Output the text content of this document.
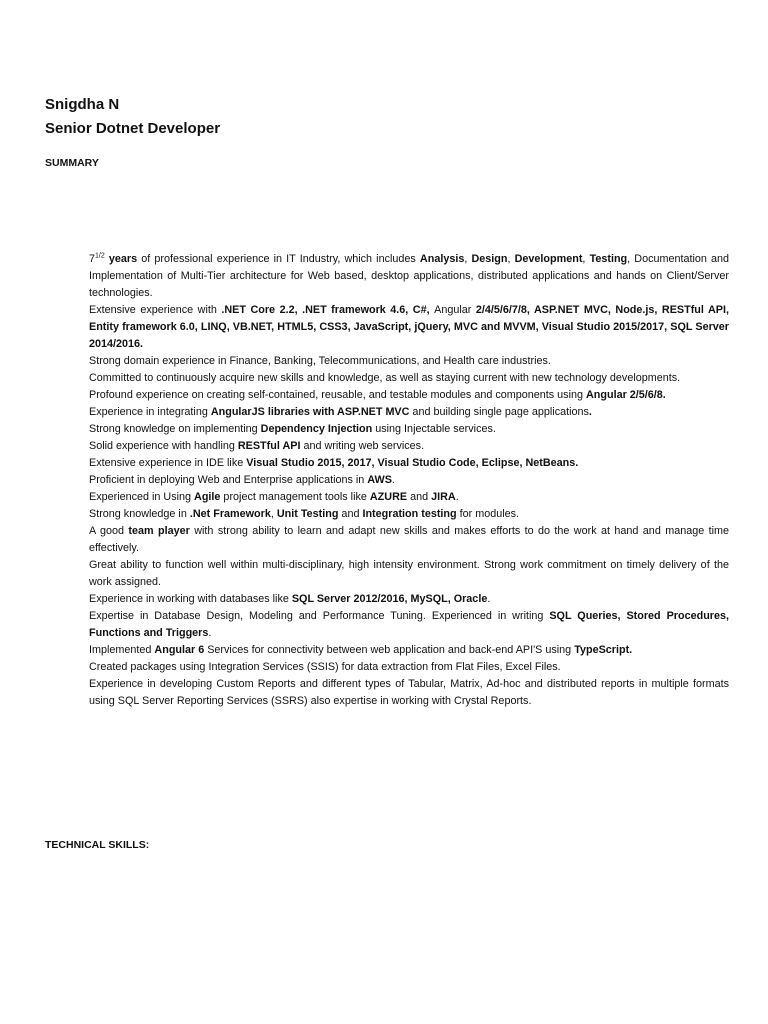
Snigdha N
Senior Dotnet Developer
SUMMARY
$7^{1/2}$ years of professional experience in IT Industry, which includes Analysis, Design, Development, Testing, Documentation and Implementation of Multi-Tier architecture for Web based, desktop applications, distributed applications and hands on Client/Server technologies.
Extensive experience with .NET Core 2.2, .NET framework 4.6, C#, Angular 2/4/5/6/7/8, ASP.NET MVC, Node.js, RESTful API, Entity framework 6.0, LINQ, VB.NET, HTML5, CSS3, JavaScript, jQuery, MVC and MVVM, Visual Studio 2015/2017, SQL Server 2014/2016.
Strong domain experience in Finance, Banking, Telecommunications, and Health care industries.
Committed to continuously acquire new skills and knowledge, as well as staying current with new technology developments.
Profound experience on creating self-contained, reusable, and testable modules and components using Angular 2/5/6/8.
Experience in integrating AngularJS libraries with ASP.NET MVC and building single page applications.
Strong knowledge on implementing Dependency Injection using Injectable services.
Solid experience with handling RESTful API and writing web services.
Extensive experience in IDE like Visual Studio 2015, 2017, Visual Studio Code, Eclipse, NetBeans.
Proficient in deploying Web and Enterprise applications in AWS.
Experienced in Using Agile project management tools like AZURE and JIRA.
Strong knowledge in .Net Framework, Unit Testing and Integration testing for modules.
A good team player with strong ability to learn and adapt new skills and makes efforts to do the work at hand and manage time effectively.
Great ability to function well within multi-disciplinary, high intensity environment. Strong work commitment on timely delivery of the work assigned.
Experience in working with databases like SQL Server 2012/2016, MySQL, Oracle.
Expertise in Database Design, Modeling and Performance Tuning. Experienced in writing SQL Queries, Stored Procedures, Functions and Triggers.
Implemented Angular 6 Services for connectivity between web application and back-end API'S using TypeScript.
Created packages using Integration Services (SSIS) for data extraction from Flat Files, Excel Files.
Experience in developing Custom Reports and different types of Tabular, Matrix, Ad-hoc and distributed reports in multiple formats using SQL Server Reporting Services (SSRS) also expertise in working with Crystal Reports.
TECHNICAL SKILLS:
